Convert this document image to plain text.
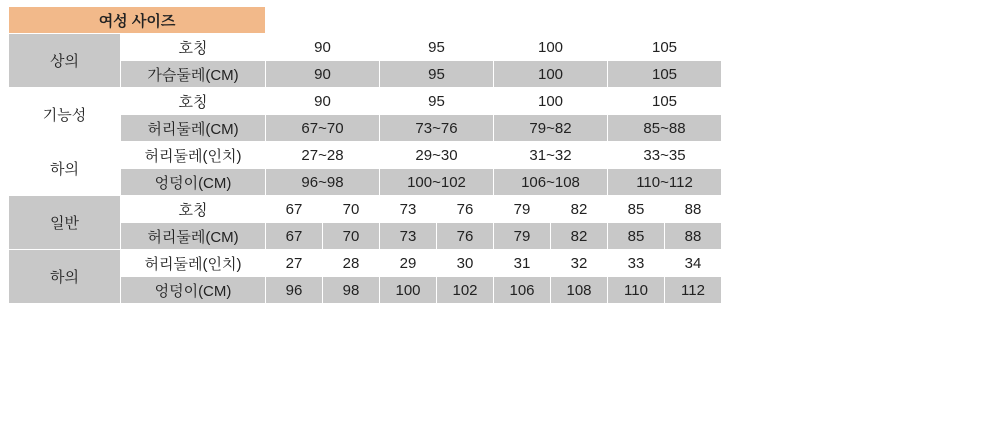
여성 사이즈									
상의	호칭	90		95		100		105	
	가슴둘레(CM)	90		95		100		105	
기능성	호칭	90		95		100		105	
	허리둘레(CM)	67~70		73~76		79~82		85~88	
하의	허리둘레(인치)	27~28		29~30		31~32		33~35	
	엉덩이(CM)	96~98		100~102		106~108		110~112	
일반	호칭	67	70	73	76	79	82	85	88
	허리둘레(CM)	67	70	73	76	79	82	85	88
하의	허리둘레(인치)	27	28	29	30	31	32	33	34
	엉덩이(CM)	96	98	100	102	106	108	110	112
